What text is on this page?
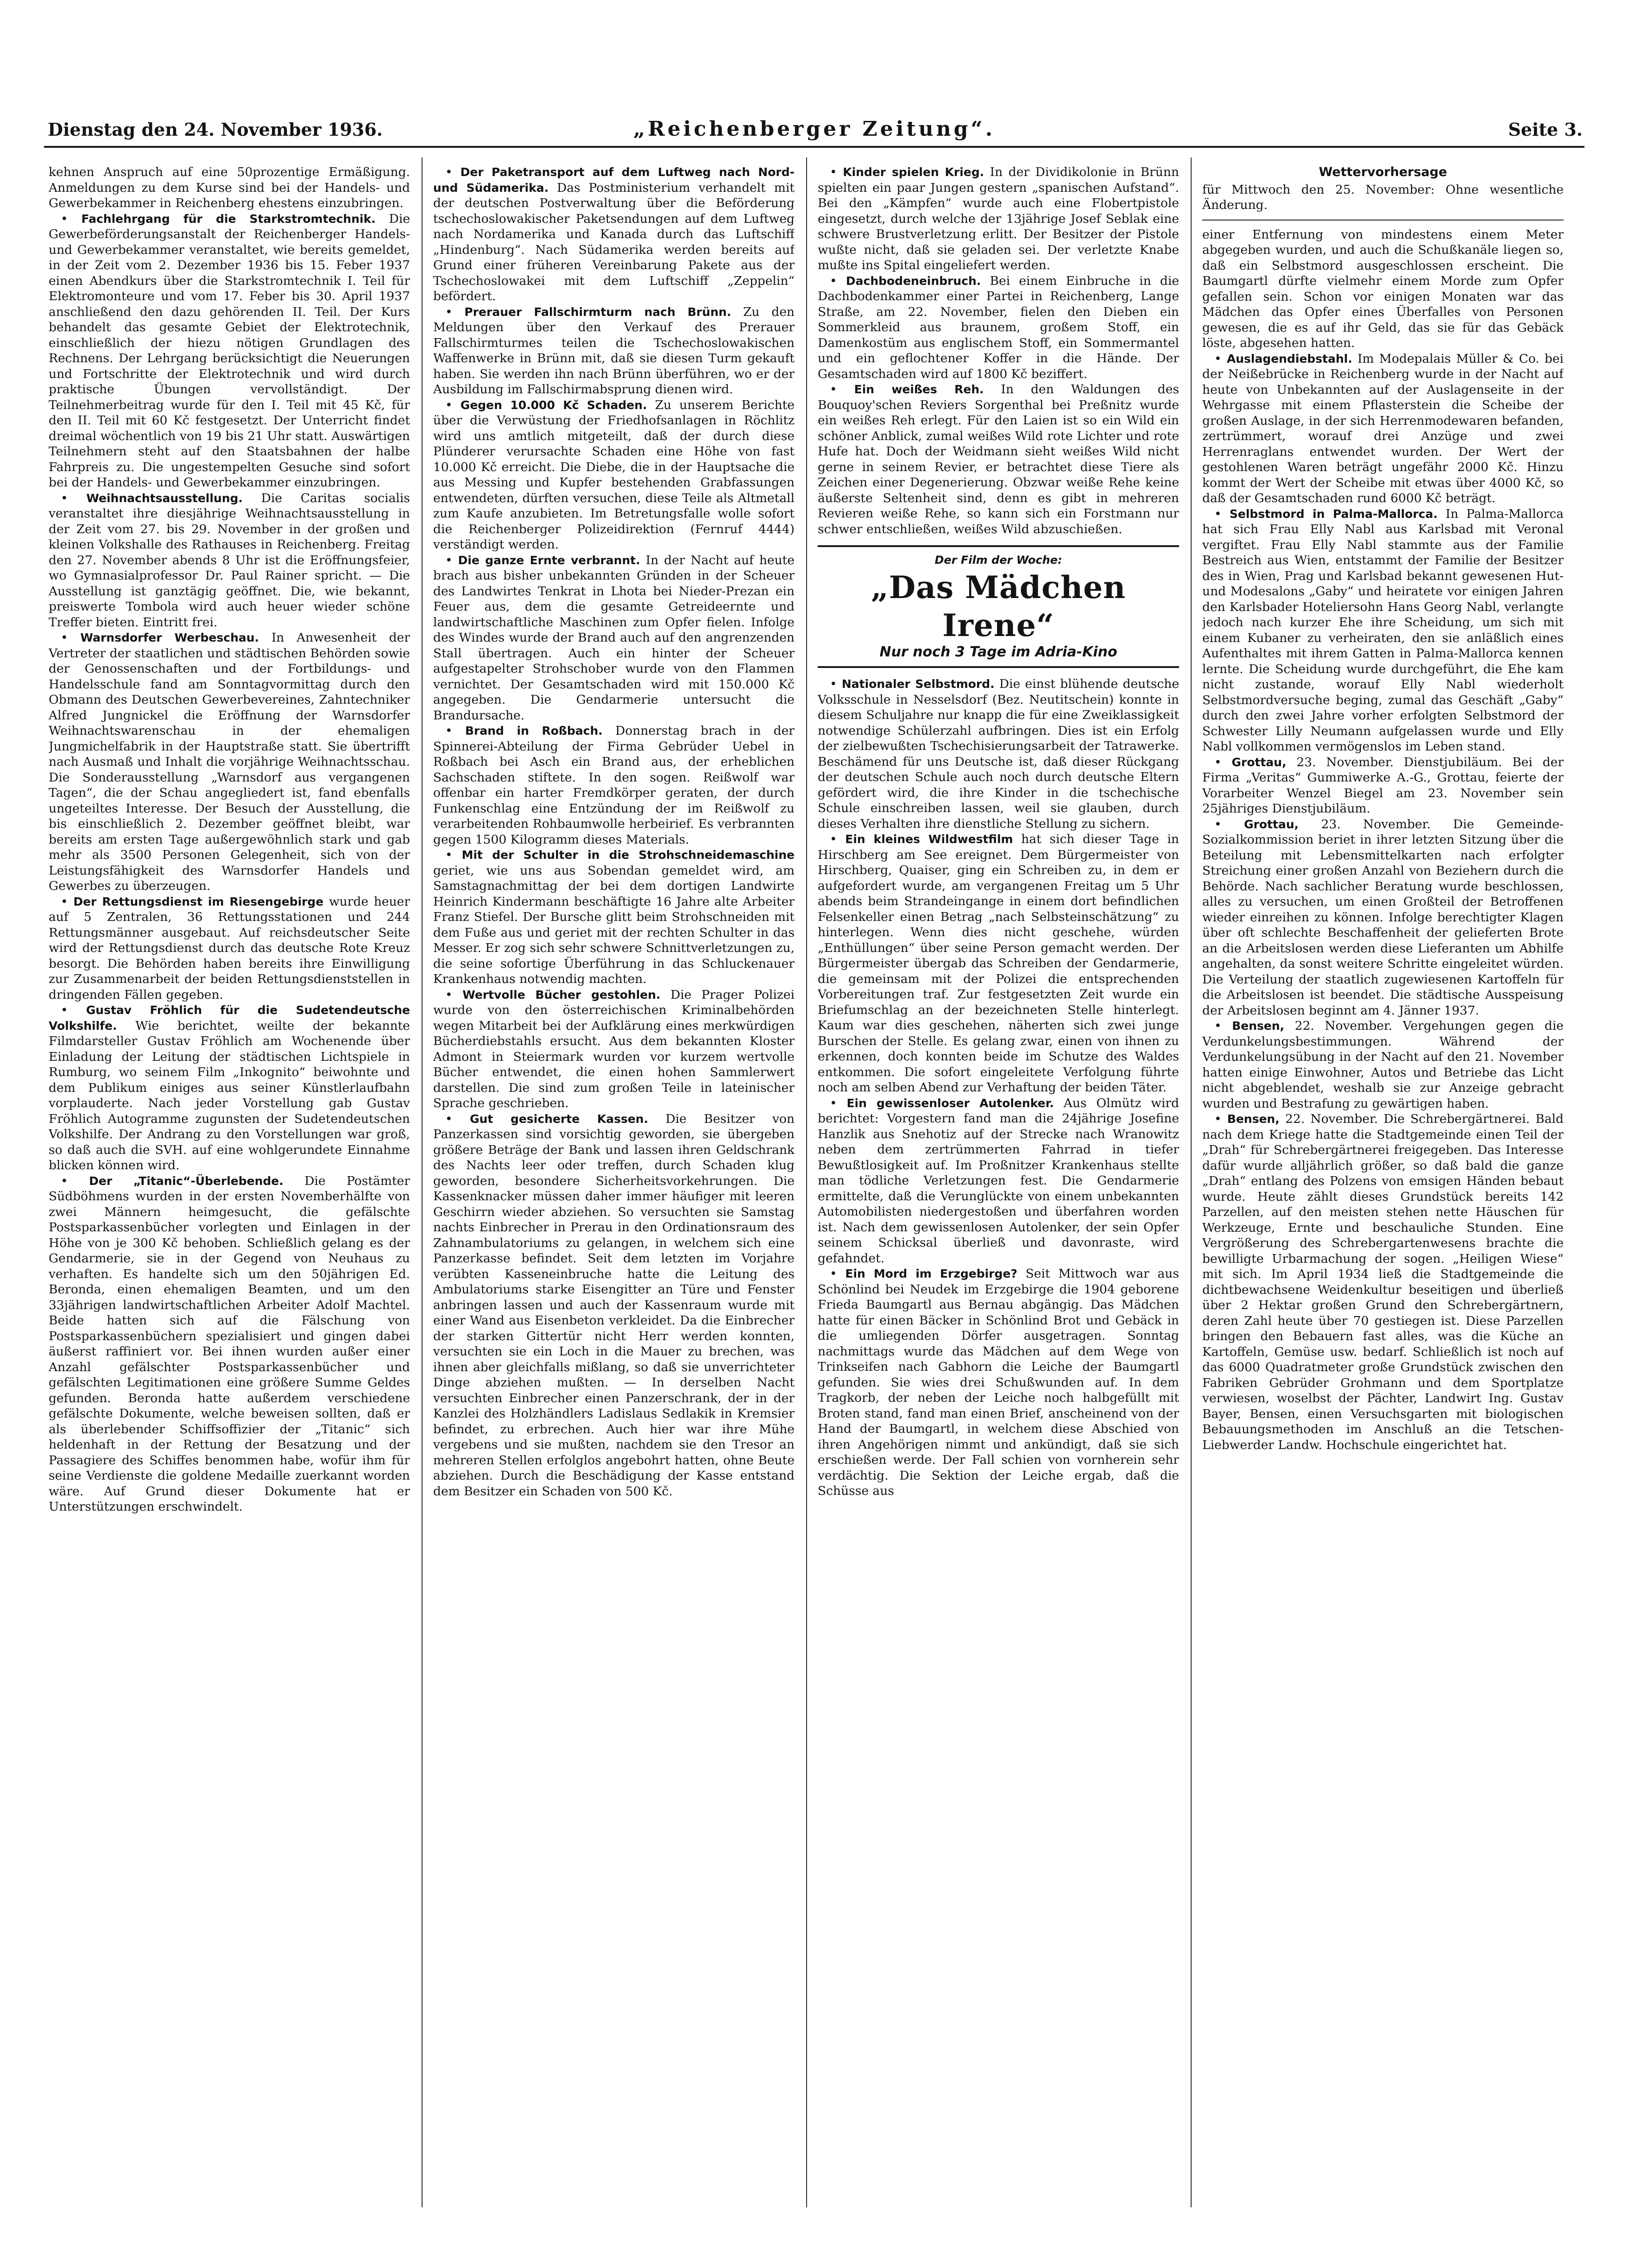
Dienstag den 24. November 1936.	„Reichenberger Zeitung“.	Seite 3.

kehnen Anspruch auf eine 50prozentige Ermäßigung. Anmeldungen zu dem Kurse sind bei der Handels- und Gewerbekammer in Reichenberg ehestens einzubringen.

• Fachlehrgang für die Starkstromtechnik. Die Gewerbeförderungsanstalt der Reichenberger Handels- und Gewerbekammer veranstaltet, wie bereits gemeldet, in der Zeit vom 2. Dezember 1936 bis 15. Feber 1937 einen Abendkurs über die Starkstromtechnik I. Teil für Elektromonteure und vom 17. Feber bis 30. April 1937 anschließend den dazu gehörenden II. Teil. Der Kurs behandelt das gesamte Gebiet der Elektrotechnik, einschließlich der hiezu nötigen Grundlagen des Rechnens. Der Lehrgang berücksichtigt die Neuerungen und Fortschritte der Elektrotechnik und wird durch praktische Übungen vervollständigt. Der Teilnehmerbeitrag wurde für den I. Teil mit 45 Kč, für den II. Teil mit 60 Kč festgesetzt. Der Unterricht findet dreimal wöchentlich von 19 bis 21 Uhr statt. Auswärtigen Teilnehmern steht auf den Staatsbahnen der halbe Fahrpreis zu. Die ungestempelten Gesuche sind sofort bei der Handels- und Gewerbekammer einzubringen.

• Weihnachtsausstellung. Die Caritas socialis veranstaltet ihre diesjährige Weihnachtsausstellung in der Zeit vom 27. bis 29. November in der großen und kleinen Volkshalle des Rathauses in Reichenberg. Freitag den 27. November abends 8 Uhr ist die Eröffnungsfeier, wo Gymnasialprofessor Dr. Paul Rainer spricht. — Die Ausstellung ist ganztägig geöffnet. Die, wie bekannt, preiswerte Tombola wird auch heuer wieder schöne Treffer bieten. Eintritt frei.

• Warnsdorfer Werbeschau. In Anwesenheit der Vertreter der staatlichen und städtischen Behörden sowie der Genossenschaften und der Fortbildungs- und Handelsschule fand am Sonntagvormittag durch den Obmann des Deutschen Gewerbevereines, Zahntechniker Alfred Jungnickel die Eröffnung der Warnsdorfer Weihnachtswarenschau in der ehemaligen Jungmichelfabrik in der Hauptstraße statt. Sie übertrifft nach Ausmaß und Inhalt die vorjährige Weihnachtsschau. Die Sonderausstellung „Warnsdorf aus vergangenen Tagen“, die der Schau angegliedert ist, fand ebenfalls ungeteiltes Interesse. Der Besuch der Ausstellung, die bis einschließlich 2. Dezember geöffnet bleibt, war bereits am ersten Tage außergewöhnlich stark und gab mehr als 3500 Personen Gelegenheit, sich von der Leistungsfähigkeit des Warnsdorfer Handels und Gewerbes zu überzeugen.

• Der Rettungsdienst im Riesengebirge wurde heuer auf 5 Zentralen, 36 Rettungsstationen und 244 Rettungsmänner ausgebaut. Auf reichsdeutscher Seite wird der Rettungsdienst durch das deutsche Rote Kreuz besorgt. Die Behörden haben bereits ihre Einwilligung zur Zusammenarbeit der beiden Rettungsdienststellen in dringenden Fällen gegeben.

• Gustav Fröhlich für die Sudetendeutsche Volkshilfe. Wie berichtet, weilte der bekannte Filmdarsteller Gustav Fröhlich am Wochenende über Einladung der Leitung der städtischen Lichtspiele in Rumburg, wo seinem Film „Inkognito“ beiwohnte und dem Publikum einiges aus seiner Künstlerlaufbahn vorplauderte. Nach jeder Vorstellung gab Gustav Fröhlich Autogramme zugunsten der Sudetendeutschen Volkshilfe. Der Andrang zu den Vorstellungen war groß, so daß auch die SVH. auf eine wohlgerundete Einnahme blicken können wird.

• Der „Titanic“-Überlebende. Die Postämter Südböhmens wurden in der ersten Novemberhälfte von zwei Männern heimgesucht, die gefälschte Postsparkassenbücher vorlegten und Einlagen in der Höhe von je 300 Kč behoben. Schließlich gelang es der Gendarmerie, sie in der Gegend von Neuhaus zu verhaften. Es handelte sich um den 50jährigen Ed. Beronda, einen ehemaligen Beamten, und um den 33jährigen landwirtschaftlichen Arbeiter Adolf Machtel. Beide hatten sich auf die Fälschung von Postsparkassenbüchern spezialisiert und gingen dabei äußerst raffiniert vor. Bei ihnen wurden außer einer Anzahl gefälschter Postsparkassenbücher und gefälschten Legitimationen eine größere Summe Geldes gefunden. Beronda hatte außerdem verschiedene gefälschte Dokumente, welche beweisen sollten, daß er als überlebender Schiffsoffizier der „Titanic“ sich heldenhaft in der Rettung der Besatzung und der Passagiere des Schiffes benommen habe, wofür ihm für seine Verdienste die goldene Medaille zuerkannt worden wäre. Auf Grund dieser Dokumente hat er Unterstützungen erschwindelt.

• Der Paketransport auf dem Luftweg nach Nord- und Südamerika. Das Postministerium verhandelt mit der deutschen Postverwaltung über die Beförderung tschechoslowakischer Paketsendungen auf dem Luftweg nach Nordamerika und Kanada durch das Luftschiff „Hindenburg“. Nach Südamerika werden bereits auf Grund einer früheren Vereinbarung Pakete aus der Tschechoslowakei mit dem Luftschiff „Zeppelin“ befördert.

• Prerauer Fallschirmturm nach Brünn. Zu den Meldungen über den Verkauf des Prerauer Fallschirmturmes teilen die Tschechoslowakischen Waffenwerke in Brünn mit, daß sie diesen Turm gekauft haben. Sie werden ihn nach Brünn überführen, wo er der Ausbildung im Fallschirmabsprung dienen wird.

• Gegen 10.000 Kč Schaden. Zu unserem Berichte über die Verwüstung der Friedhofsanlagen in Röchlitz wird uns amtlich mitgeteilt, daß der durch diese Plünderer verursachte Schaden eine Höhe von fast 10.000 Kč erreicht. Die Diebe, die in der Hauptsache die aus Messing und Kupfer bestehenden Grabfassungen entwendeten, dürften versuchen, diese Teile als Altmetall zum Kaufe anzubieten. Im Betretungsfalle wolle sofort die Reichenberger Polizeidirektion (Fernruf 4444) verständigt werden.

• Die ganze Ernte verbrannt. In der Nacht auf heute brach aus bisher unbekannten Gründen in der Scheuer des Landwirtes Tenkrat in Lhota bei Nieder-Prezan ein Feuer aus, dem die gesamte Getreideernte und landwirtschaftliche Maschinen zum Opfer fielen. Infolge des Windes wurde der Brand auch auf den angrenzenden Stall übertragen. Auch ein hinter der Scheuer aufgestapelter Strohschober wurde von den Flammen vernichtet. Der Gesamtschaden wird mit 150.000 Kč angegeben. Die Gendarmerie untersucht die Brandursache.

• Brand in Roßbach. Donnerstag brach in der Spinnerei-Abteilung der Firma Gebrüder Uebel in Roßbach bei Asch ein Brand aus, der erheblichen Sachschaden stiftete. In den sogen. Reißwolf war offenbar ein harter Fremdkörper geraten, der durch Funkenschlag eine Entzündung der im Reißwolf zu verarbeitenden Rohbaumwolle herbeirief. Es verbrannten gegen 1500 Kilogramm dieses Materials.

• Mit der Schulter in die Strohschneidemaschine geriet, wie uns aus Sobendan gemeldet wird, am Samstagnachmittag der bei dem dortigen Landwirte Heinrich Kindermann beschäftigte 16 Jahre alte Arbeiter Franz Stiefel. Der Bursche glitt beim Strohschneiden mit dem Fuße aus und geriet mit der rechten Schulter in das Messer. Er zog sich sehr schwere Schnittverletzungen zu, die seine sofortige Überführung in das Schluckenauer Krankenhaus notwendig machten.

• Wertvolle Bücher gestohlen. Die Prager Polizei wurde von den österreichischen Kriminalbehörden wegen Mitarbeit bei der Aufklärung eines merkwürdigen Bücherdiebstahls ersucht. Aus dem bekannten Kloster Admont in Steiermark wurden vor kurzem wertvolle Bücher entwendet, die einen hohen Sammlerwert darstellen. Die sind zum großen Teile in lateinischer Sprache geschrieben.

• Gut gesicherte Kassen. Die Besitzer von Panzerkassen sind vorsichtig geworden, sie übergeben größere Beträge der Bank und lassen ihren Geldschrank des Nachts leer oder treffen, durch Schaden klug geworden, besondere Sicherheitsvorkehrungen. Die Kassenknacker müssen daher immer häufiger mit leeren Geschirrn wieder abziehen. So versuchten sie Samstag nachts Einbrecher in Prerau in den Ordinationsraum des Zahnambulatoriums zu gelangen, in welchem sich eine Panzerkasse befindet. Seit dem letzten im Vorjahre verübten Kasseneinbruche hatte die Leitung des Ambulatoriums starke Eisengitter an Türe und Fenster anbringen lassen und auch der Kassenraum wurde mit einer Wand aus Eisenbeton verkleidet. Da die Einbrecher der starken Gittertür nicht Herr werden konnten, versuchten sie ein Loch in die Mauer zu brechen, was ihnen aber gleichfalls mißlang, so daß sie unverrichteter Dinge abziehen mußten. — In derselben Nacht versuchten Einbrecher einen Panzerschrank, der in der Kanzlei des Holzhändlers Ladislaus Sedlakik in Kremsier befindet, zu erbrechen. Auch hier war ihre Mühe vergebens und sie mußten, nachdem sie den Tresor an mehreren Stellen erfolglos angebohrt hatten, ohne Beute abziehen. Durch die Beschädigung der Kasse entstand dem Besitzer ein Schaden von 500 Kč.

• Kinder spielen Krieg. In der Dividikolonie in Brünn spielten ein paar Jungen gestern „spanischen Aufstand“. Bei den „Kämpfen“ wurde auch eine Flobertpistole eingesetzt, durch welche der 13jährige Josef Seblak eine schwere Brustverletzung erlitt. Der Besitzer der Pistole wußte nicht, daß sie geladen sei. Der verletzte Knabe mußte ins Spital eingeliefert werden.

• Dachbodeneinbruch. Bei einem Einbruche in die Dachbodenkammer einer Partei in Reichenberg, Lange Straße, am 22. November, fielen den Dieben ein Sommerkleid aus braunem, großem Stoff, ein Damenkostüm aus englischem Stoff, ein Sommermantel und ein geflochtener Koffer in die Hände. Der Gesamtschaden wird auf 1800 Kč beziffert.

• Ein weißes Reh. In den Waldungen des Bouquoy'schen Reviers Sorgenthal bei Preßnitz wurde ein weißes Reh erlegt. Für den Laien ist so ein Wild ein schöner Anblick, zumal weißes Wild rote Lichter und rote Hufe hat. Doch der Weidmann sieht weißes Wild nicht gerne in seinem Revier, er betrachtet diese Tiere als Zeichen einer Degenerierung. Obzwar weiße Rehe keine äußerste Seltenheit sind, denn es gibt in mehreren Revieren weiße Rehe, so kann sich ein Forstmann nur schwer entschließen, weißes Wild abzuschießen.

Der Film der Woche:
„Das Mädchen Irene“
Nur noch 3 Tage im Adria-Kino

• Nationaler Selbstmord. Die einst blühende deutsche Volksschule in Nesselsdorf (Bez. Neutitschein) konnte in diesem Schuljahre nur knapp die für eine Zweiklassigkeit notwendige Schülerzahl aufbringen. Dies ist ein Erfolg der zielbewußten Tschechisierungsarbeit der Tatrawerke. Beschämend für uns Deutsche ist, daß dieser Rückgang der deutschen Schule auch noch durch deutsche Eltern gefördert wird, die ihre Kinder in die tschechische Schule einschreiben lassen, weil sie glauben, durch dieses Verhalten ihre dienstliche Stellung zu sichern.

• Ein kleines Wildwestfilm hat sich dieser Tage in Hirschberg am See ereignet. Dem Bürgermeister von Hirschberg, Quaiser, ging ein Schreiben zu, in dem er aufgefordert wurde, am vergangenen Freitag um 5 Uhr abends beim Strandeingange in einem dort befindlichen Felsenkeller einen Betrag „nach Selbsteinschätzung“ zu hinterlegen. Wenn dies nicht geschehe, würden „Enthüllungen“ über seine Person gemacht werden. Der Bürgermeister übergab das Schreiben der Gendarmerie, die gemeinsam mit der Polizei die entsprechenden Vorbereitungen traf. Zur festgesetzten Zeit wurde ein Briefumschlag an der bezeichneten Stelle hinterlegt. Kaum war dies geschehen, näherten sich zwei junge Burschen der Stelle. Es gelang zwar, einen von ihnen zu erkennen, doch konnten beide im Schutze des Waldes entkommen. Die sofort eingeleitete Verfolgung führte noch am selben Abend zur Verhaftung der beiden Täter.

• Ein gewissenloser Autolenker. Aus Olmütz wird berichtet: Vorgestern fand man die 24jährige Josefine Hanzlik aus Snehotiz auf der Strecke nach Wranowitz neben dem zertrümmerten Fahrrad in tiefer Bewußtlosigkeit auf. Im Proßnitzer Krankenhaus stellte man tödliche Verletzungen fest. Die Gendarmerie ermittelte, daß die Verunglückte von einem unbekannten Automobilisten niedergestoßen und überfahren worden ist. Nach dem gewissenlosen Autolenker, der sein Opfer seinem Schicksal überließ und davonraste, wird gefahndet.

• Ein Mord im Erzgebirge? Seit Mittwoch war aus Schönlind bei Neudek im Erzgebirge die 1904 geborene Frieda Baumgartl aus Bernau abgängig. Das Mädchen hatte für einen Bäcker in Schönlind Brot und Gebäck in die umliegenden Dörfer ausgetragen. Sonntag nachmittags wurde das Mädchen auf dem Wege von Trinkseifen nach Gabhorn die Leiche der Baumgartl gefunden. Sie wies drei Schußwunden auf. In dem Tragkorb, der neben der Leiche noch halbgefüllt mit Broten stand, fand man einen Brief, anscheinend von der Hand der Baumgartl, in welchem diese Abschied von ihren Angehörigen nimmt und ankündigt, daß sie sich erschießen werde. Der Fall schien von vornherein sehr verdächtig. Die Sektion der Leiche ergab, daß die Schüsse aus

Wettervorhersage

für Mittwoch den 25. November: Ohne wesentliche Änderung.

einer Entfernung von mindestens einem Meter abgegeben wurden, und auch die Schußkanäle liegen so, daß ein Selbstmord ausgeschlossen erscheint. Die Baumgartl dürfte vielmehr einem Morde zum Opfer gefallen sein. Schon vor einigen Monaten war das Mädchen das Opfer eines Überfalles von Personen gewesen, die es auf ihr Geld, das sie für das Gebäck löste, abgesehen hatten.

• Auslagendiebstahl. Im Modepalais Müller & Co. bei der Neißebrücke in Reichenberg wurde in der Nacht auf heute von Unbekannten auf der Auslagenseite in der Wehrgasse mit einem Pflasterstein die Scheibe der großen Auslage, in der sich Herrenmodewaren befanden, zertrümmert, worauf drei Anzüge und zwei Herrenraglans entwendet wurden. Der Wert der gestohlenen Waren beträgt ungefähr 2000 Kč. Hinzu kommt der Wert der Scheibe mit etwas über 4000 Kč, so daß der Gesamtschaden rund 6000 Kč beträgt.

• Selbstmord in Palma-Mallorca. In Palma-Mallorca hat sich Frau Elly Nabl aus Karlsbad mit Veronal vergiftet. Frau Elly Nabl stammte aus der Familie Bestreich aus Wien, entstammt der Familie der Besitzer des in Wien, Prag und Karlsbad bekannt gewesenen Hut- und Modesalons „Gaby“ und heiratete vor einigen Jahren den Karlsbader Hoteliersohn Hans Georg Nabl, verlangte jedoch nach kurzer Ehe ihre Scheidung, um sich mit einem Kubaner zu verheiraten, den sie anläßlich eines Aufenthaltes mit ihrem Gatten in Palma-Mallorca kennen lernte. Die Scheidung wurde durchgeführt, die Ehe kam nicht zustande, worauf Elly Nabl wiederholt Selbstmordversuche beging, zumal das Geschäft „Gaby“ durch den zwei Jahre vorher erfolgten Selbstmord der Schwester Lilly Neumann aufgelassen wurde und Elly Nabl vollkommen vermögenslos im Leben stand.

• Grottau, 23. November. Dienstjubiläum. Bei der Firma „Veritas“ Gummiwerke A.-G., Grottau, feierte der Vorarbeiter Wenzel Biegel am 23. November sein 25jähriges Dienstjubiläum.

• Grottau, 23. November. Die Gemeinde-Sozialkommission beriet in ihrer letzten Sitzung über die Beteilung mit Lebensmittelkarten nach erfolgter Streichung einer großen Anzahl von Beziehern durch die Behörde. Nach sachlicher Beratung wurde beschlossen, alles zu versuchen, um einen Großteil der Betroffenen wieder einreihen zu können. Infolge berechtigter Klagen über oft schlechte Beschaffenheit der gelieferten Brote an die Arbeitslosen werden diese Lieferanten um Abhilfe angehalten, da sonst weitere Schritte eingeleitet würden. Die Verteilung der staatlich zugewiesenen Kartoffeln für die Arbeitslosen ist beendet. Die städtische Ausspeisung der Arbeitslosen beginnt am 4. Jänner 1937.

• Bensen, 22. November. Vergehungen gegen die Verdunkelungsbestimmungen. Während der Verdunkelungsübung in der Nacht auf den 21. November hatten einige Einwohner, Autos und Betriebe das Licht nicht abgeblendet, weshalb sie zur Anzeige gebracht wurden und Bestrafung zu gewärtigen haben.

• Bensen, 22. November. Die Schrebergärtnerei. Bald nach dem Kriege hatte die Stadtgemeinde einen Teil der „Drah“ für Schrebergärtnerei freigegeben. Das Interesse dafür wurde alljährlich größer, so daß bald die ganze „Drah“ entlang des Polzens von emsigen Händen bebaut wurde. Heute zählt dieses Grundstück bereits 142 Parzellen, auf den meisten stehen nette Häuschen für Werkzeuge, Ernte und beschauliche Stunden. Eine Vergrößerung des Schrebergartenwesens brachte die bewilligte Urbarmachung der sogen. „Heiligen Wiese“ mit sich. Im April 1934 ließ die Stadtgemeinde die dichtbewachsene Weidenkultur beseitigen und überließ über 2 Hektar großen Grund den Schrebergärtnern, deren Zahl heute über 70 gestiegen ist. Diese Parzellen bringen den Bebauern fast alles, was die Küche an Kartoffeln, Gemüse usw. bedarf. Schließlich ist noch auf das 6000 Quadratmeter große Grundstück zwischen den Fabriken Gebrüder Grohmann und dem Sportplatze verwiesen, woselbst der Pächter, Landwirt Ing. Gustav Bayer, Bensen, einen Versuchsgarten mit biologischen Bebauungsmethoden im Anschluß an die Tetschen-Liebwerder Landw. Hochschule eingerichtet hat.
